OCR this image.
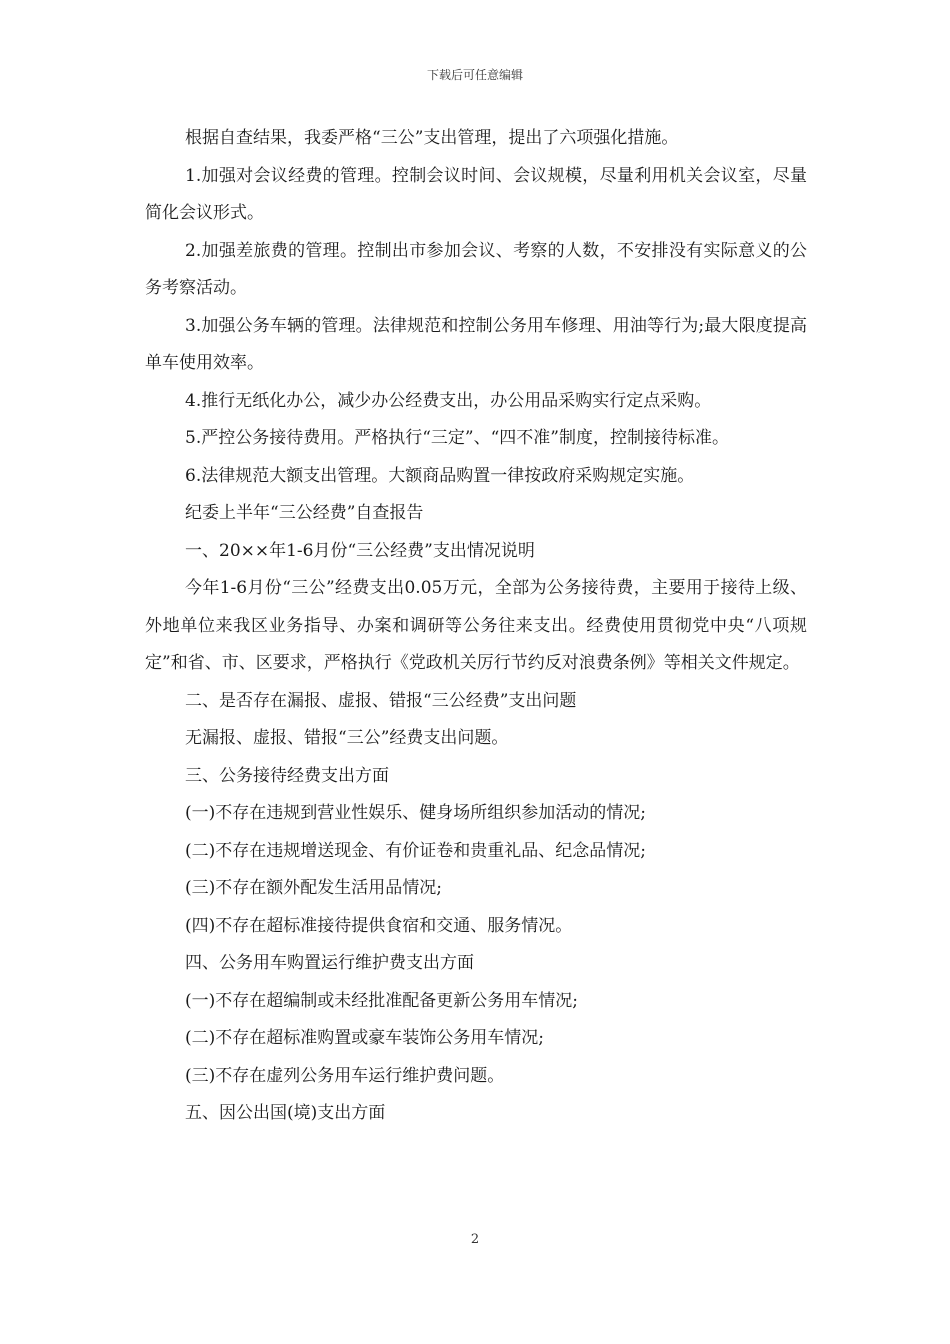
下载后可任意编辑

根据自查结果，我委严格“三公”支出管理，提出了六项强化措施。

1.加强对会议经费的管理。控制会议时间、会议规模，尽量利用机关会议室，尽量简化会议形式。

2.加强差旅费的管理。控制出市参加会议、考察的人数，不安排没有实际意义的公务考察活动。

3.加强公务车辆的管理。法律规范和控制公务用车修理、用油等行为;最大限度提高单车使用效率。

4.推行无纸化办公，减少办公经费支出，办公用品采购实行定点采购。

5.严控公务接待费用。严格执行“三定”、“四不准”制度，控制接待标准。

6.法律规范大额支出管理。大额商品购置一律按政府采购规定实施。

纪委上半年“三公经费”自查报告

一、20××年1-6月份“三公经费”支出情况说明

今年1-6月份“三公”经费支出0.05万元，全部为公务接待费，主要用于接待上级、外地单位来我区业务指导、办案和调研等公务往来支出。经费使用贯彻党中央“八项规定”和省、市、区要求，严格执行《党政机关厉行节约反对浪费条例》等相关文件规定。

二、是否存在漏报、虚报、错报“三公经费”支出问题

无漏报、虚报、错报“三公”经费支出问题。

三、公务接待经费支出方面

(一)不存在违规到营业性娱乐、健身场所组织参加活动的情况;

(二)不存在违规增送现金、有价证卷和贵重礼品、纪念品情况;

(三)不存在额外配发生活用品情况;

(四)不存在超标准接待提供食宿和交通、服务情况。

四、公务用车购置运行维护费支出方面

(一)不存在超编制或未经批准配备更新公务用车情况;

(二)不存在超标准购置或豪车装饰公务用车情况;

(三)不存在虚列公务用车运行维护费问题。

五、因公出国(境)支出方面

2
